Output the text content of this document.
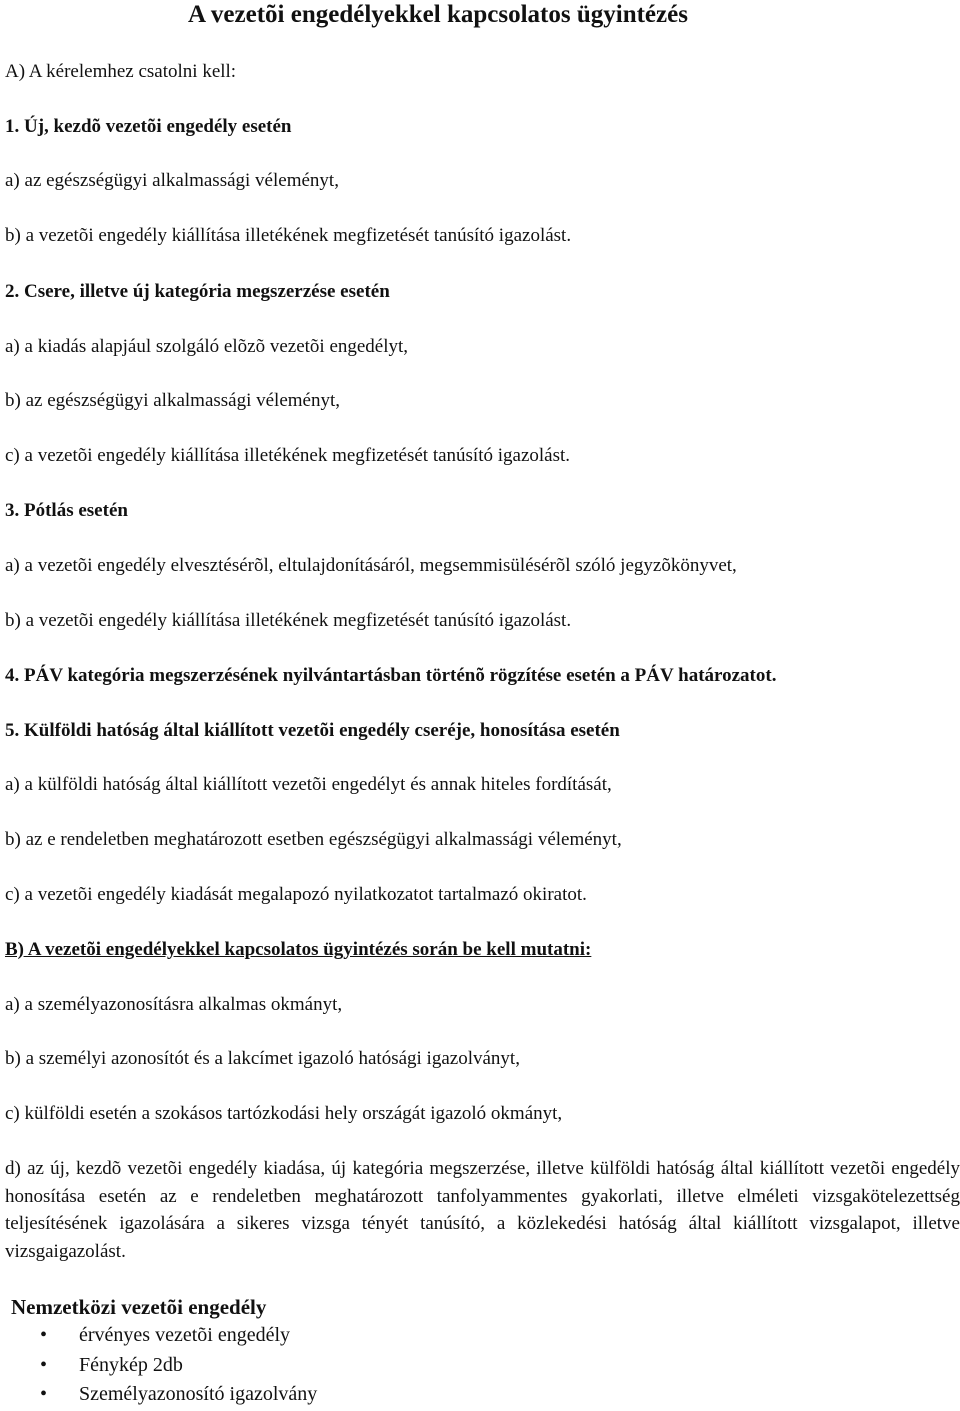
A vezetõi engedélyekkel kapcsolatos ügyintézés

A) A kérelemhez csatolni kell:

1. Új, kezdõ vezetõi engedély esetén

a) az egészségügyi alkalmassági véleményt,

b) a vezetõi engedély kiállítása illetékének megfizetését tanúsító igazolást.

2. Csere, illetve új kategória megszerzése esetén

a) a kiadás alapjául szolgáló elõzõ vezetõi engedélyt,

b) az egészségügyi alkalmassági véleményt,

c) a vezetõi engedély kiállítása illetékének megfizetését tanúsító igazolást.

3. Pótlás esetén

a) a vezetõi engedély elvesztésérõl, eltulajdonításáról, megsemmisülésérõl szóló jegyzõkönyvet,

b) a vezetõi engedély kiállítása illetékének megfizetését tanúsító igazolást.

4. PÁV kategória megszerzésének nyilvántartásban történõ rögzítése esetén a PÁV határozatot.

5. Külföldi hatóság által kiállított vezetõi engedély cseréje, honosítása esetén

a) a külföldi hatóság által kiállított vezetõi engedélyt és annak hiteles fordítását,

b) az e rendeletben meghatározott esetben egészségügyi alkalmassági véleményt,

c) a vezetõi engedély kiadását megalapozó nyilatkozatot tartalmazó okiratot.

B) A vezetõi engedélyekkel kapcsolatos ügyintézés során be kell mutatni:

a) a személyazonosításra alkalmas okmányt,

b) a személyi azonosítót és a lakcímet igazoló hatósági igazolványt,

c) külföldi esetén a szokásos tartózkodási hely országát igazoló okmányt,

d) az új, kezdõ vezetõi engedély kiadása, új kategória megszerzése, illetve külföldi hatóság által kiállított vezetõi engedély honosítása esetén az e rendeletben meghatározott tanfolyammentes gyakorlati, illetve elméleti vizsgakötelezettség teljesítésének igazolására a sikeres vizsga tényét tanúsító, a közlekedési hatóság által kiállított vizsgalapot, illetve vizsgaigazolást.

Nemzetközi vezetõi engedély
• érvényes vezetõi engedély
• Fénykép 2db
• Személyazonosító igazolvány
